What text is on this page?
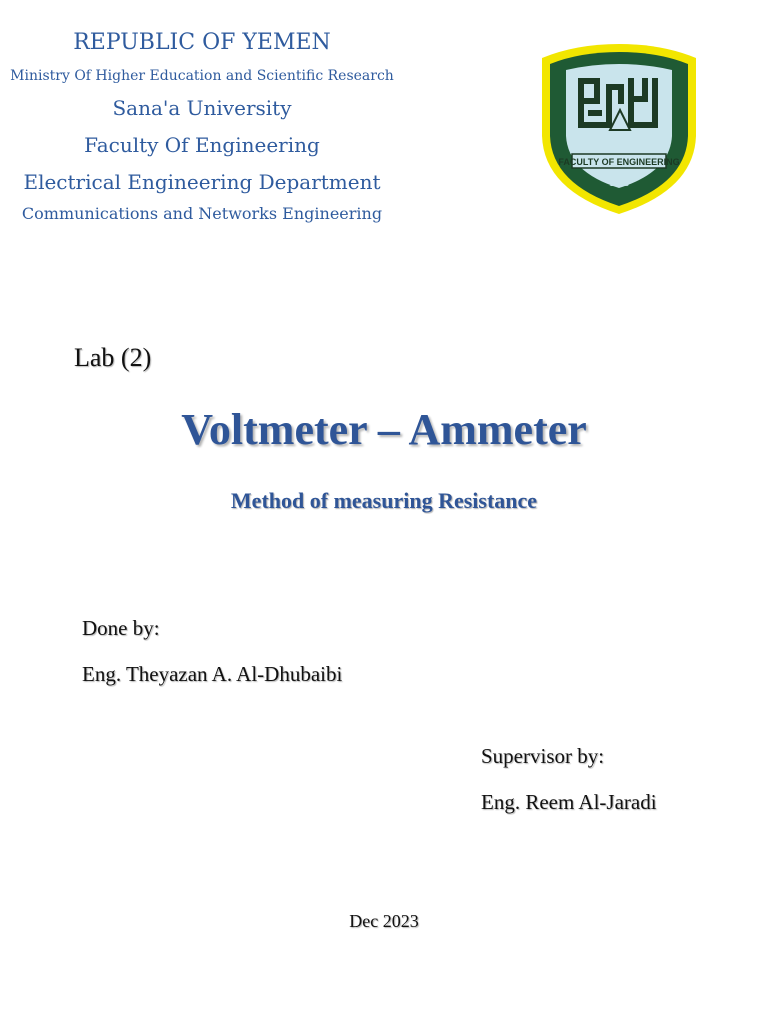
REPUBLIC OF YEMEN
Ministry Of Higher Education and Scientific Research
Sana'a University
Faculty Of Engineering
Electrical Engineering Department
Communications and Networks Engineering
FACULTY OF ENGINEERING
1988
Lab (2)
Voltmeter – Ammeter
Method of measuring Resistance
Done by:
Eng. Theyazan A. Al-Dhubaibi
Supervisor by:
Eng. Reem Al-Jaradi
Dec 2023
